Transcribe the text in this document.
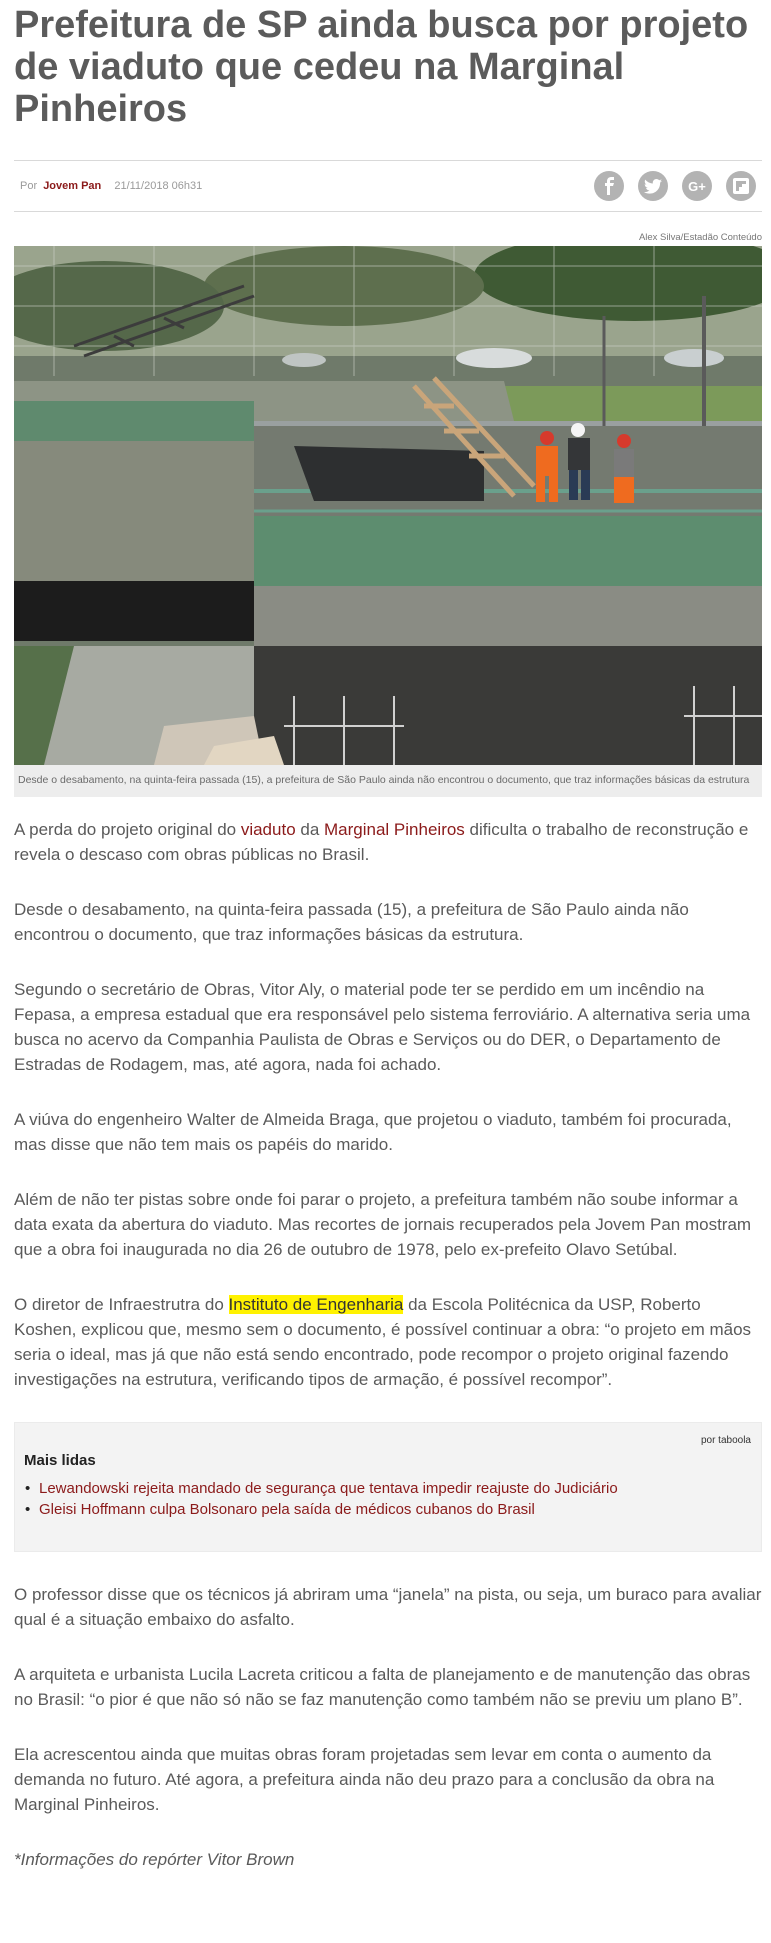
Prefeitura de SP ainda busca por projeto de viaduto que cedeu na Marginal Pinheiros
Por Jovem Pan 21/11/2018 06h31	G+
Alex Silva/Estadão Conteúdo
Desde o desabamento, na quinta-feira passada (15), a prefeitura de São Paulo ainda não encontrou o documento, que traz informações básicas da estrutura

A perda do projeto original do viaduto da Marginal Pinheiros dificulta o trabalho de reconstrução e revela o descaso com obras públicas no Brasil.

Desde o desabamento, na quinta-feira passada (15), a prefeitura de São Paulo ainda não encontrou o documento, que traz informações básicas da estrutura.

Segundo o secretário de Obras, Vitor Aly, o material pode ter se perdido em um incêndio na Fepasa, a empresa estadual que era responsável pelo sistema ferroviário. A alternativa seria uma busca no acervo da Companhia Paulista de Obras e Serviços ou do DER, o Departamento de Estradas de Rodagem, mas, até agora, nada foi achado.

A viúva do engenheiro Walter de Almeida Braga, que projetou o viaduto, também foi procurada, mas disse que não tem mais os papéis do marido.

Além de não ter pistas sobre onde foi parar o projeto, a prefeitura também não soube informar a data exata da abertura do viaduto. Mas recortes de jornais recuperados pela Jovem Pan mostram que a obra foi inaugurada no dia 26 de outubro de 1978, pelo ex-prefeito Olavo Setúbal.

O diretor de Infraestrutra do Instituto de Engenharia da Escola Politécnica da USP, Roberto Koshen, explicou que, mesmo sem o documento, é possível continuar a obra: “o projeto em mãos seria o ideal, mas já que não está sendo encontrado, pode recompor o projeto original fazendo investigações na estrutura, verificando tipos de armação, é possível recompor”.

por taboola
Mais lidas
• Lewandowski rejeita mandado de segurança que tentava impedir reajuste do Judiciário
• Gleisi Hoffmann culpa Bolsonaro pela saída de médicos cubanos do Brasil

O professor disse que os técnicos já abriram uma “janela” na pista, ou seja, um buraco para avaliar qual é a situação embaixo do asfalto.

A arquiteta e urbanista Lucila Lacreta criticou a falta de planejamento e de manutenção das obras no Brasil: “o pior é que não só não se faz manutenção como também não se previu um plano B”.

Ela acrescentou ainda que muitas obras foram projetadas sem levar em conta o aumento da demanda no futuro. Até agora, a prefeitura ainda não deu prazo para a conclusão da obra na Marginal Pinheiros.

*Informações do repórter Vitor Brown
